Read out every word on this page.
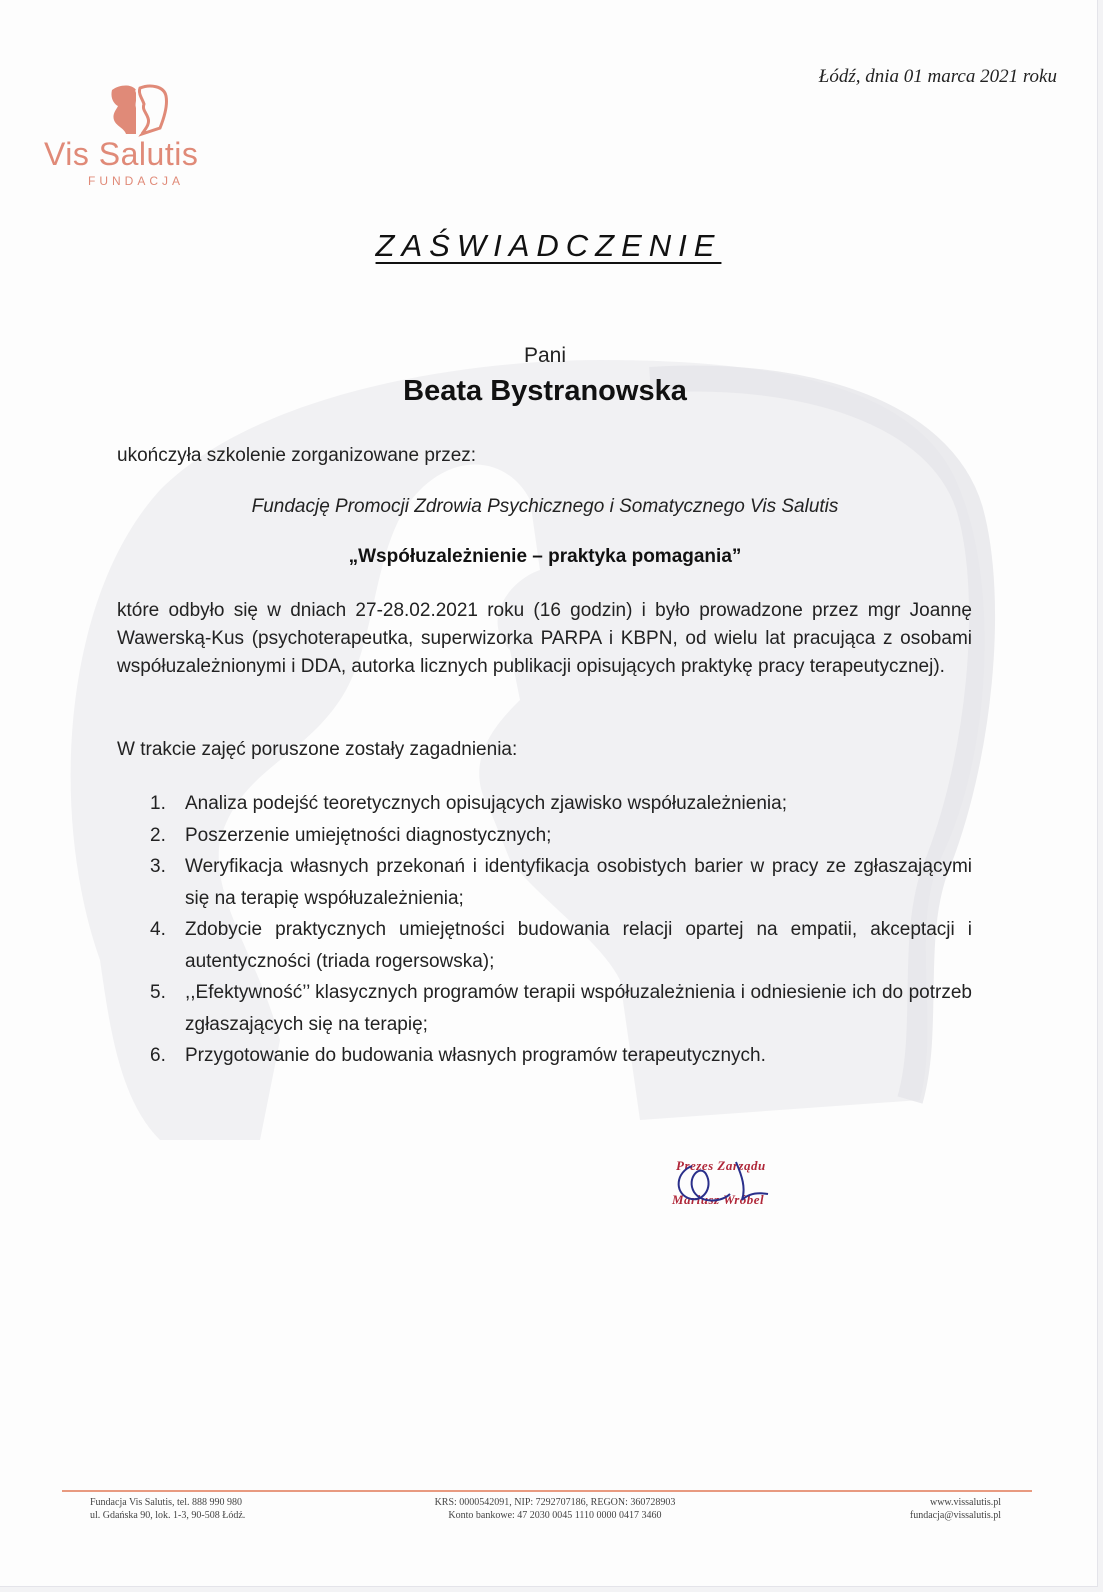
Łódź, dnia 01 marca 2021 roku
Vis Salutis
FUNDACJA
ZAŚWIADCZENIE
Pani
Beata Bystranowska
ukończyła szkolenie zorganizowane przez:
Fundację Promocji Zdrowia Psychicznego i Somatycznego Vis Salutis
„Współuzależnienie – praktyka pomagania”
które odbyło się w dniach 27-28.02.2021 roku (16 godzin) i było prowadzone przez mgr Joannę Wawerską-Kus (psychoterapeutka, superwizorka PARPA i KBPN, od wielu lat pracująca z osobami współuzależnionymi i DDA, autorka licznych publikacji opisujących praktykę pracy terapeutycznej).
W trakcie zajęć poruszone zostały zagadnienia:
1. Analiza podejść teoretycznych opisujących zjawisko współuzależnienia;
2. Poszerzenie umiejętności diagnostycznych;
3. Weryfikacja własnych przekonań i identyfikacja osobistych barier w pracy ze zgłaszającymi się na terapię współuzależnienia;
4. Zdobycie praktycznych umiejętności budowania relacji opartej na empatii, akceptacji i autentyczności (triada rogersowska);
5. ,,Efektywność’’ klasycznych programów terapii współuzależnienia i odniesienie ich do potrzeb zgłaszających się na terapię;
6. Przygotowanie do budowania własnych programów terapeutycznych.
Prezes Zarządu
Mariusz Wróbel
Fundacja Vis Salutis, tel. 888 990 980
ul. Gdańska 90, lok. 1-3, 90-508 Łódź.
KRS: 0000542091, NIP: 7292707186, REGON: 360728903
Konto bankowe: 47 2030 0045 1110 0000 0417 3460
www.vissalutis.pl
fundacja@vissalutis.pl
